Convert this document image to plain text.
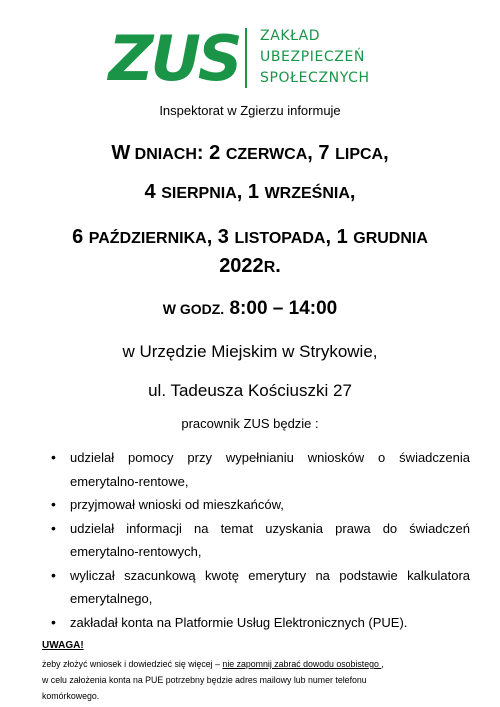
ZUS ZAKŁAD
UBEZPIECZEŃ
SPOŁECZNYCH
Inspektorat w Zgierzu informuje
W DNIACH: 2 CZERWCA, 7 LIPCA,
4 SIERPNIA, 1 WRZEŚNIA,
6 PAŹDZIERNIKA, 3 LISTOPADA, 1 GRUDNIA
2022R.
W GODZ. 8:00 – 14:00
w Urzędzie Miejskim w Strykowie,
ul. Tadeusza Kościuszki 27
pracownik ZUS będzie :
• udzielał pomocy przy wypełnianiu wniosków o świadczenia emerytalno-rentowe,
• przyjmował wnioski od mieszkańców,
• udzielał informacji na temat uzyskania prawa do świadczeń emerytalno-rentowych,
• wyliczał szacunkową kwotę emerytury na podstawie kalkulatora emerytalnego,
• zakładał konta na Platformie Usług Elektronicznych (PUE).
UWAGA!
żeby złożyć wniosek i dowiedzieć się więcej – nie zapomnij zabrać dowodu osobistego ,
w celu założenia konta na PUE potrzebny będzie adres mailowy lub numer telefonu
komórkowego.
